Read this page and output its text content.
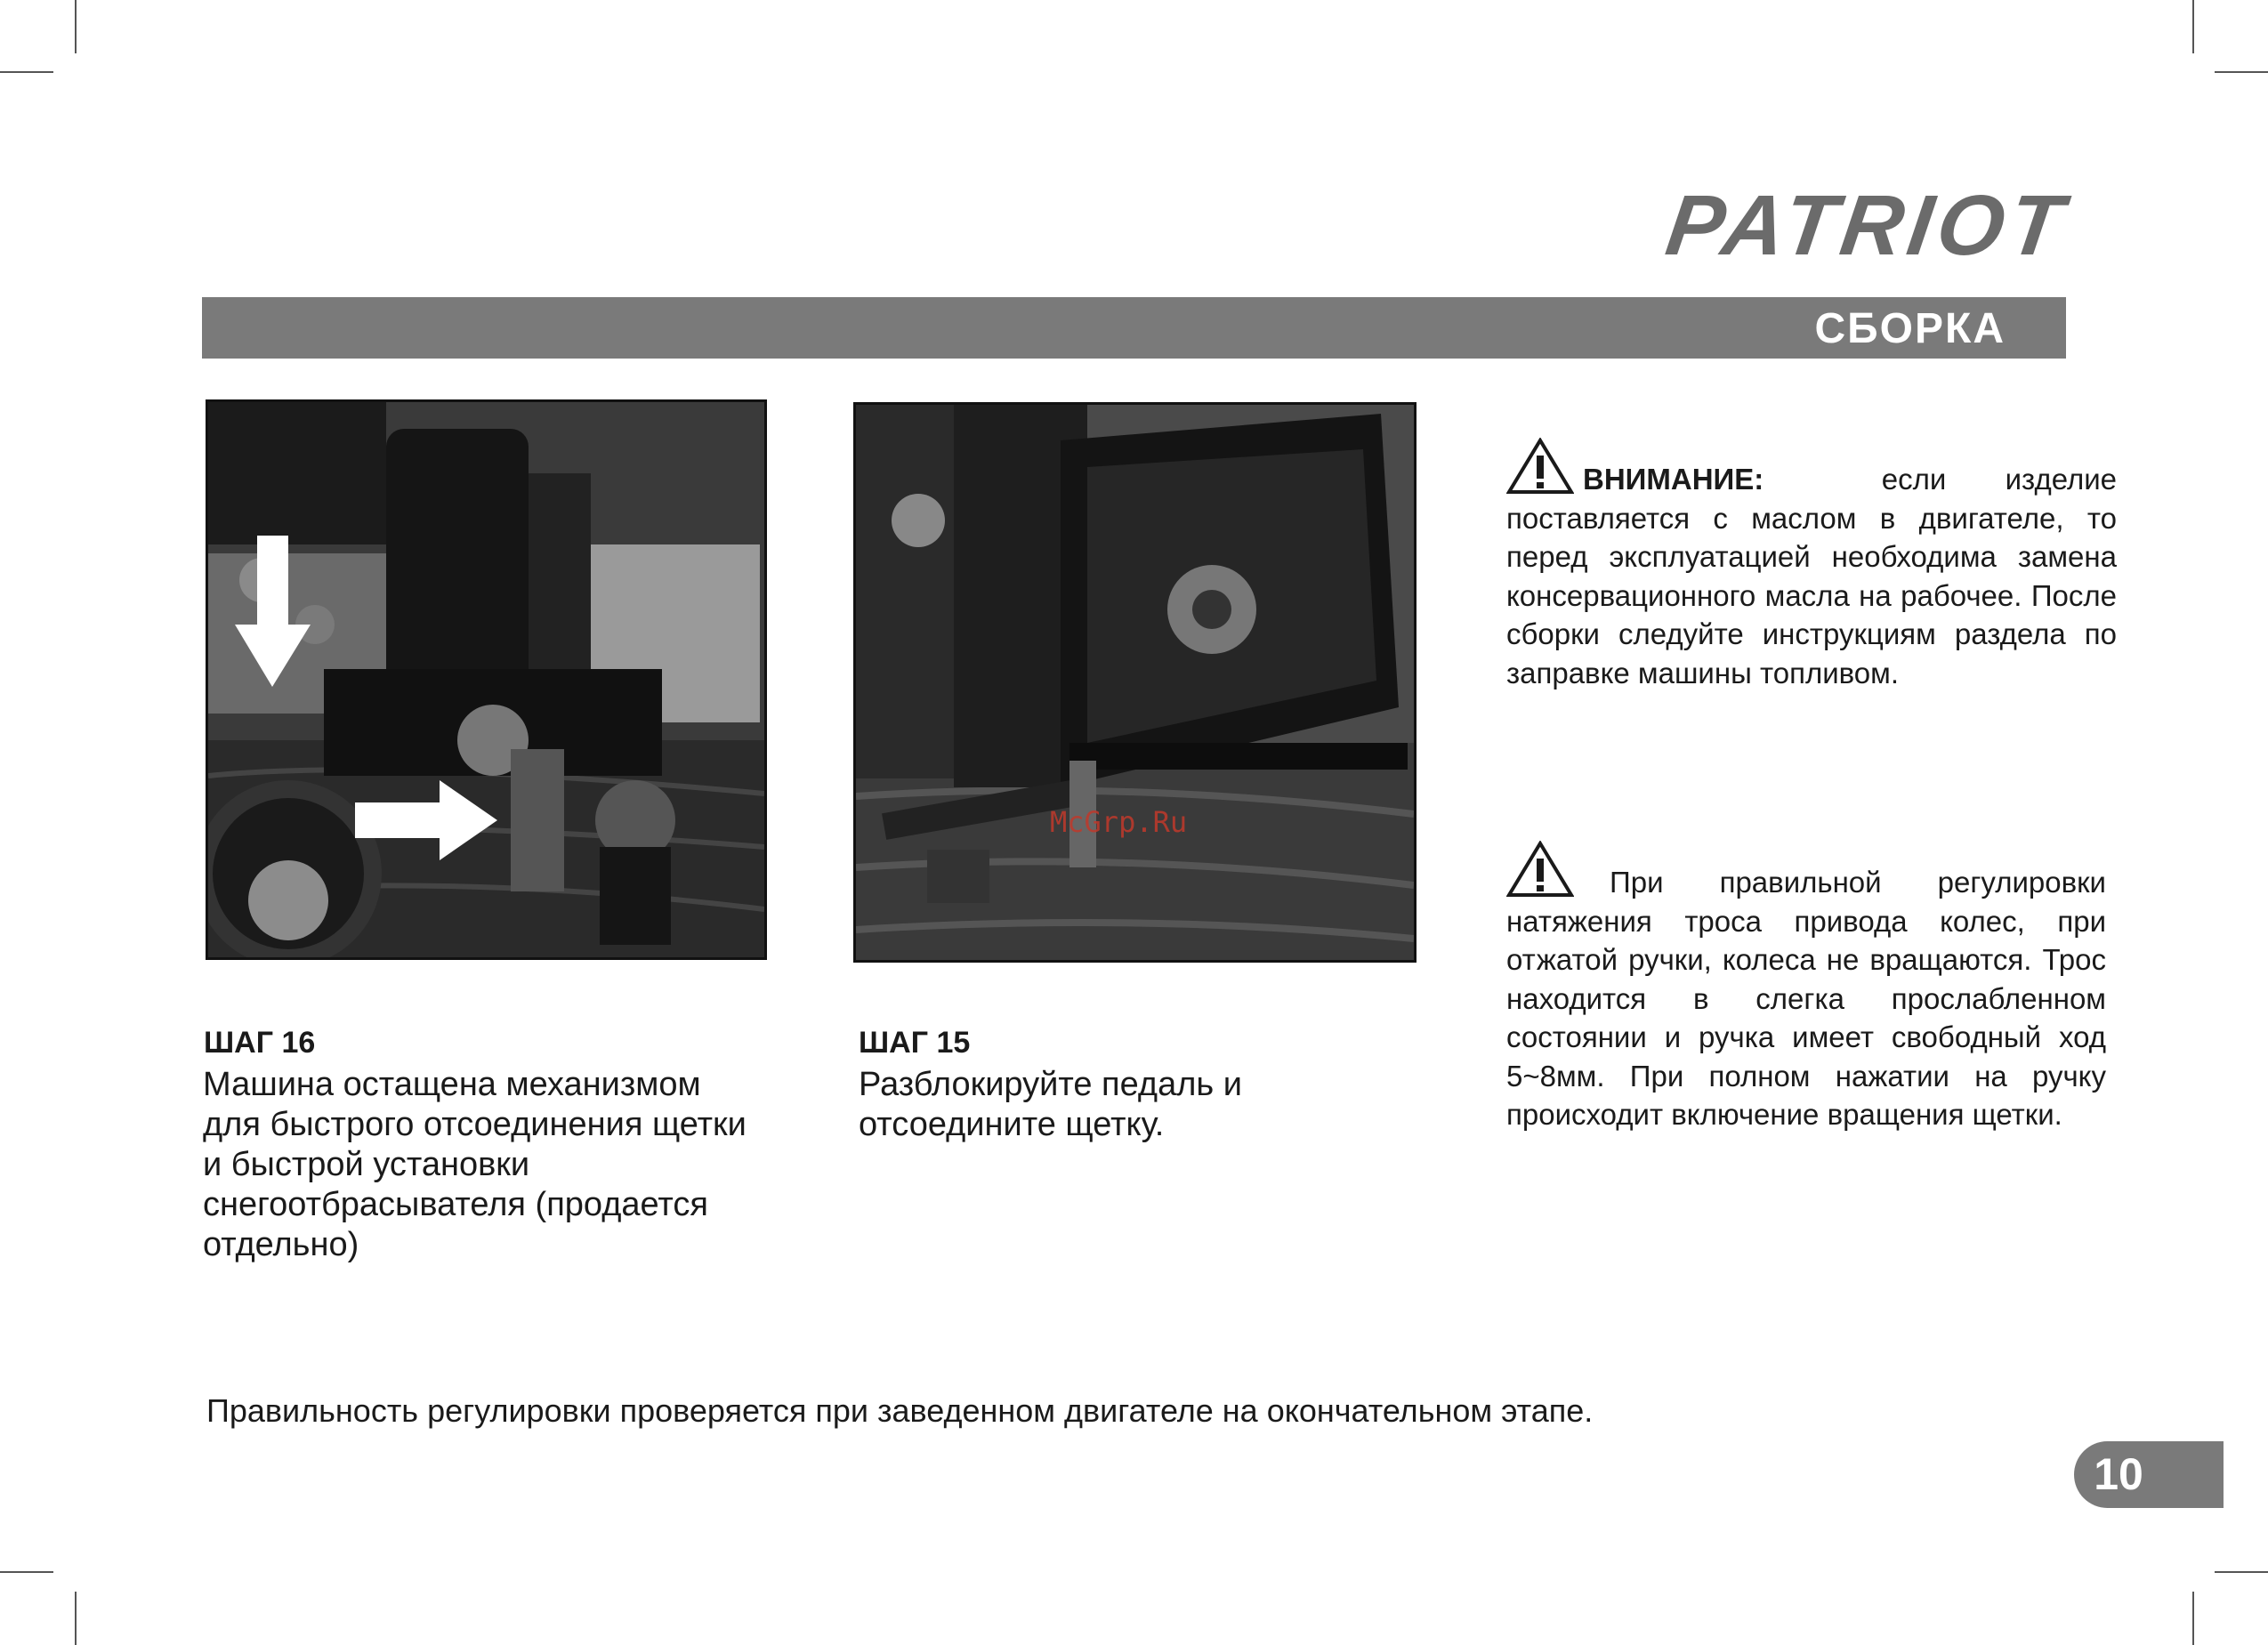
PATRIOT
СБОРКА
McGrp.Ru
ШАГ 16
Машина остащена механизмом
для быстрого отсоединения щетки
и быстрой установки
снегоотбрасывателя (продается
отдельно)
ШАГ 15
Разблокируйте педаль и
отсоедините щетку.
ВНИМАНИЕ:	если изделие поставляется с маслом в двигателе, то перед эксплуатацией необходима замена консервационного масла на рабочее. После сборки следуйте инструкциям раздела по заправке машины топливом.
При правильной регулировки натяжения троса привода колес, при отжатой ручки, колеса не вращаются. Трос находится в слегка прослабленном состоянии и ручка имеет свободный ход 5~8мм. При полном нажатии на ручку происходит включение вращения щетки.
Правильность регулировки проверяется при заведенном двигателе на окончательном этапе.
10
